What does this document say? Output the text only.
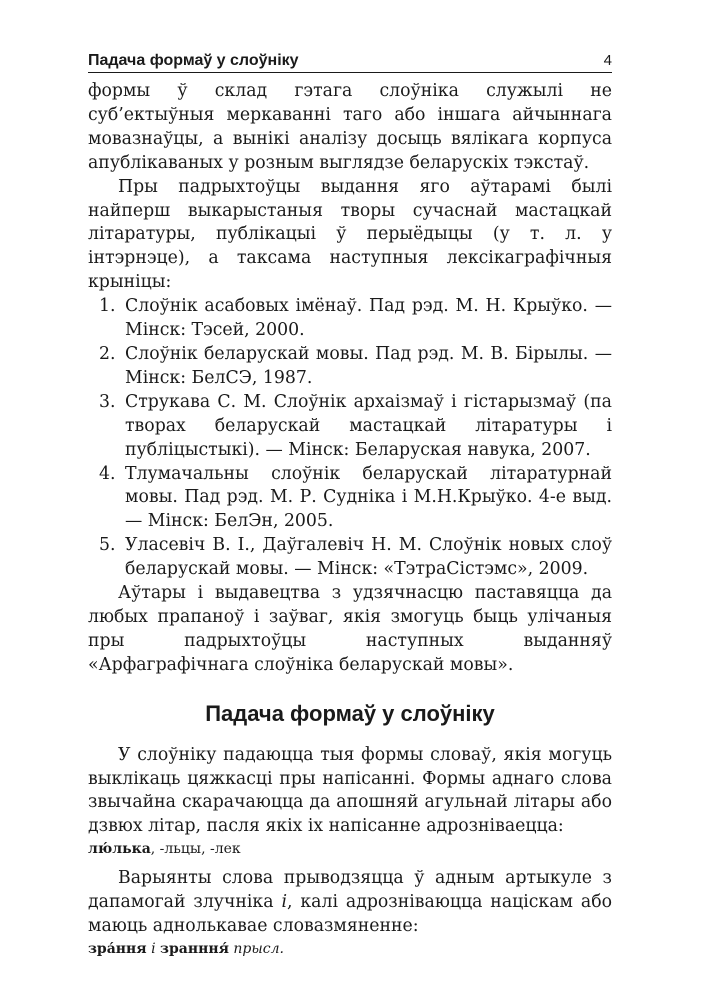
Падача формаў у слоўніку	4

формы ў склад гэтага слоўніка служылі не суб’ектыўныя меркаванні таго або іншага айчыннага мовазнаўцы, а вынікі аналізу досыць вялікага корпуса апублікаваных у розным выглядзе беларускіх тэкстаў.

Пры падрыхтоўцы выдання яго аўтарамі былі найперш выкарыстаныя творы сучаснай мастацкай літаратуры, публікацыі ў перыёдыцы (у т. л. у інтэрнэце), а таксама наступныя лексікаграфічныя крыніцы:

1. Слоўнік асабовых імёнаў. Пад рэд. М. Н. Крыўко. — Мінск: Тэсей, 2000.
2. Слоўнік беларускай мовы. Пад рэд. М. В. Бірылы. — Мінск: БелСЭ, 1987.
3. Струкава С. М. Слоўнік архаізмаў і гістарызмаў (па творах беларускай мастацкай літаратуры і публіцыстыкі). — Мінск: Беларуская навука, 2007.
4. Тлумачальны слоўнік беларускай літаратурнай мовы. Пад рэд. М. Р. Судніка і М.Н.Крыўко. 4-е выд. — Мінск: БелЭн, 2005.
5. Уласевіч В. І., Даўгалевіч Н. М. Слоўнік новых слоў беларускай мовы. — Мінск: «ТэтраСістэмс», 2009.

Аўтары і выдавецтва з удзячнасцю паставяцца да любых прапаноў і заўваг, якія змогуць быць улічаныя пры падрыхтоўцы наступных выданняў «Арфаграфічнага слоўніка беларускай мовы».

Падача формаў у слоўніку

У слоўніку падаюцца тыя формы словаў, якія могуць выклікаць цяжкасці пры напісанні. Формы аднаго слова звычайна скарачаюцца да апошняй агульнай літары або дзвюх літар, пасля якіх іх напісанне адрозніваецца:

лю́лька, -льцы, -лек

Варыянты слова прыводзяцца ў адным артыкуле з дапамогай злучніка і, калі адрозніваюцца націскам або маюць аднолькавае словазмяненне:

зра́ння і зранння́ прысл.
